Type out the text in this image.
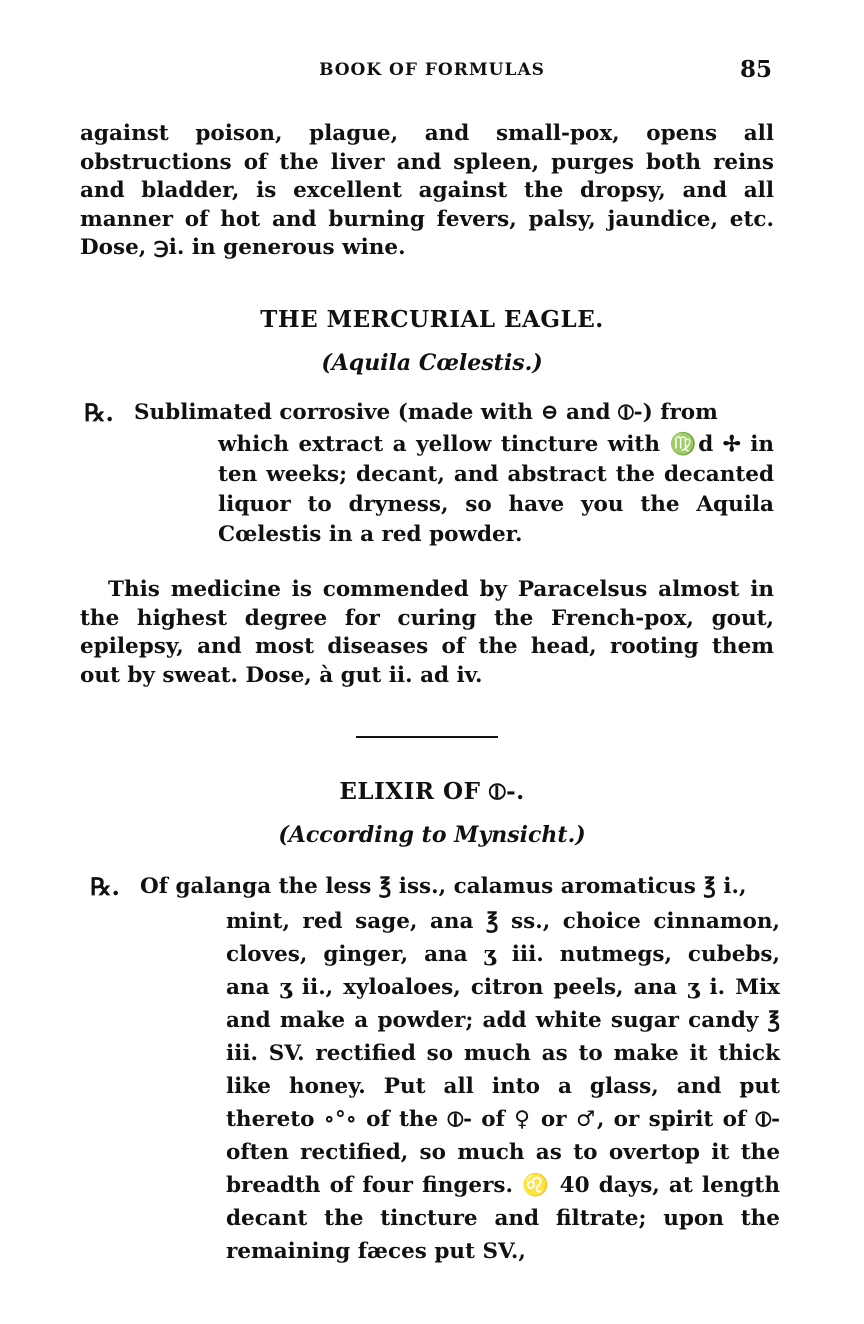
BOOK OF FORMULAS	85

against poison, plague, and small-pox, opens all obstructions of the liver and spleen, purges both reins and bladder, is excellent against the dropsy, and all manner of hot and burning fevers, palsy, jaundice, etc. Dose, ℈i. in generous wine.

THE MERCURIAL EAGLE.
(Aquila Cœlestis.)
℞. Sublimated corrosive (made with ⊖ and ⦶-) from

which extract a yellow tincture with ♍d ✢ in ten weeks; decant, and abstract the decanted liquor to dryness, so have you the Aquila Cœlestis in a red powder.

This medicine is commended by Paracelsus almost in the highest degree for curing the French-pox, gout, epilepsy, and most diseases of the head, rooting them out by sweat. Dose, à gut ii. ad iv.

ELIXIR OF ⦶-.
(According to Mynsicht.)
℞. Of galanga the less ℥ iss., calamus aromaticus ℥ i.,

mint, red sage, ana ℥ ss., choice cinnamon, cloves, ginger, ana ʒ iii. nutmegs, cubebs, ana ʒ ii., xyloaloes, citron peels, ana ʒ i. Mix and make a powder; add white sugar candy ℥ iii. SV. rectified so much as to make it thick like honey. Put all into a glass, and put thereto ∘°∘ of the ⦶- of ♀ or ♂, or spirit of ⦶- often rectified, so much as to overtop it the breadth of four fingers. ♌ 40 days, at length decant the tincture and filtrate; upon the remaining fæces put SV.,
